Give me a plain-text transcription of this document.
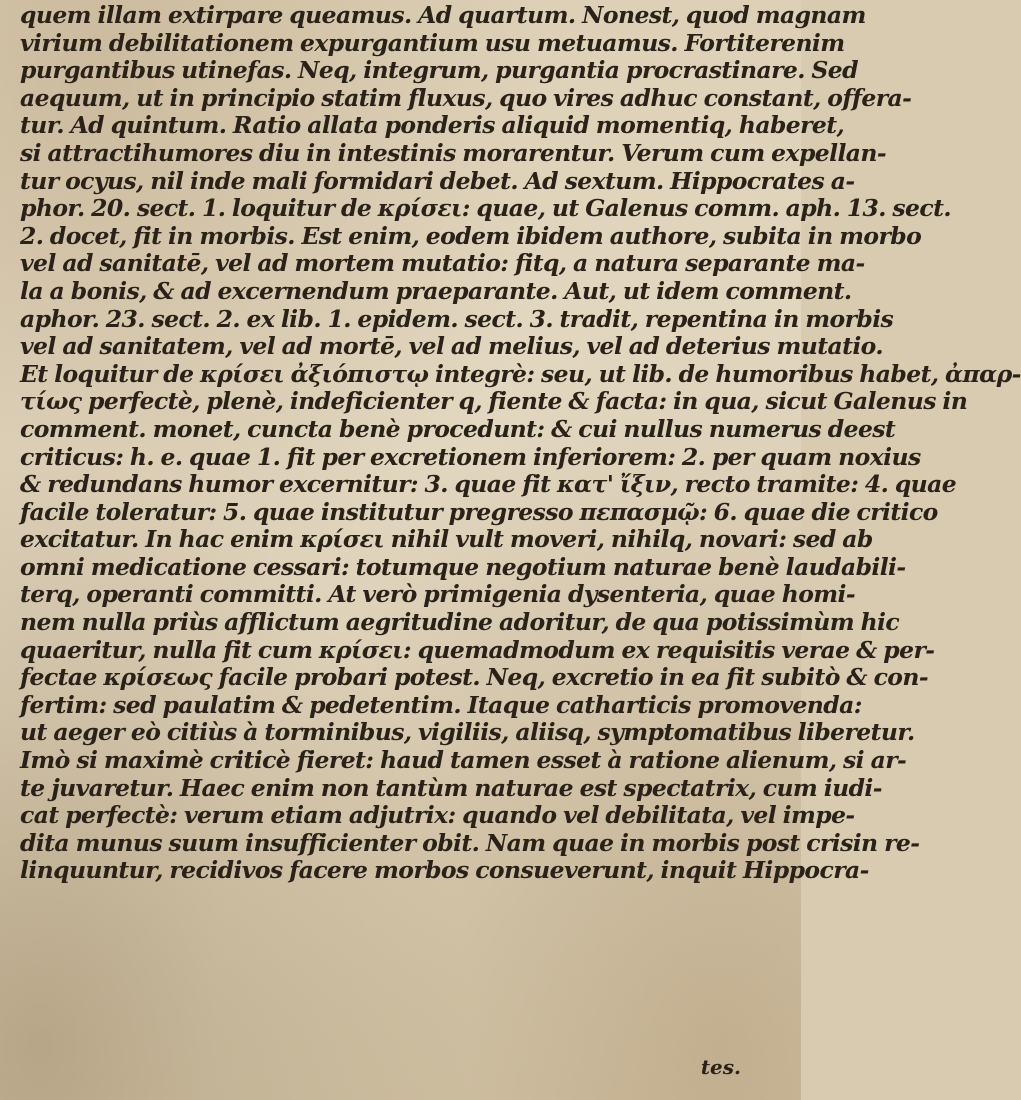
quem illam extirpare queamus. Ad quartum. Nonest, quod magnam
virium debilitationem expurgantium usu metuamus. Fortiterenim
purgantibus utinefas. Neq, integrum, purgantia procrastinare. Sed
aequum, ut in principio statim fluxus, quo vires adhuc constant, offera-
tur. Ad quintum. Ratio allata ponderis aliquid momentiq, haberet,
si attractihumores diu in intestinis morarentur. Verum cum expellan-
tur ocyus, nil inde mali formidari debet. Ad sextum. Hippocrates a-
phor. 20. sect. 1. loquitur de κρίσει: quae, ut Galenus comm. aph. 13. sect.
2. docet, fit in morbis. Est enim, eodem ibidem authore, subita in morbo
vel ad sanitatē, vel ad mortem mutatio: fitq, a natura separante ma-
la a bonis, & ad excernendum praeparante. Aut, ut idem comment.
aphor. 23. sect. 2. ex lib. 1. epidem. sect. 3. tradit, repentina in morbis
vel ad sanitatem, vel ad mortē, vel ad melius, vel ad deterius mutatio.
Et loquitur de κρίσει ἀξιόπιστῳ integrè: seu, ut lib. de humoribus habet, ἀπαρ-
τίως perfectè, plenè, indeficienter q, fiente & facta: in qua, sicut Galenus in
comment. monet, cuncta benè procedunt: & cui nullus numerus deest
criticus: h. e. quae 1. fit per excretionem inferiorem: 2. per quam noxius
& redundans humor excernitur: 3. quae fit κατ' ἴξιν, recto tramite: 4. quae
facile toleratur: 5. quae institutur pregresso πεπασμῷ: 6. quae die critico
excitatur. In hac enim κρίσει nihil vult moveri, nihilq, novari: sed ab
omni medicatione cessari: totumque negotium naturae benè laudabili-
terq, operanti committi. At verò primigenia dysenteria, quae homi-
nem nulla priùs afflictum aegritudine adoritur, de qua potissimùm hic
quaeritur, nulla fit cum κρίσει: quemadmodum ex requisitis verae & per-
fectae κρίσεως facile probari potest. Neq, excretio in ea fit subitò & con-
fertim: sed paulatim & pedetentim. Itaque catharticis promovenda:
ut aeger eò citiùs à torminibus, vigiliis, aliisq, symptomatibus liberetur.
Imò si maximè criticè fieret: haud tamen esset à ratione alienum, si ar-
te juvaretur. Haec enim non tantùm naturae est spectatrix, cum iudi-
cat perfectè: verum etiam adjutrix: quando vel debilitata, vel impe-
dita munus suum insufficienter obit. Nam quae in morbis post crisin re-
linquuntur, recidivos facere morbos consueverunt, inquit Hippocra-
tes.
